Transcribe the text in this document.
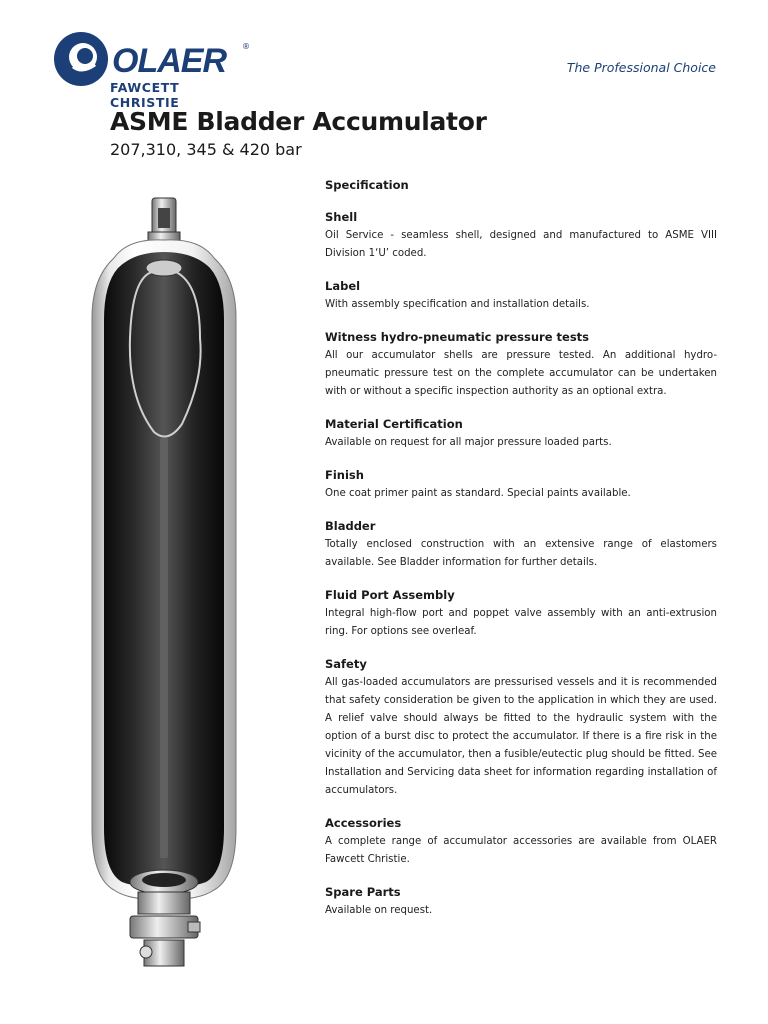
OLAER ®
FAWCETT CHRISTIE
The Professional Choice
ASME Bladder Accumulator
207,310, 345 & 420 bar
Specification
Shell

Oil Service - seamless shell, designed and manufactured to ASME VIII Division 1‘U’ coded.

Label

With assembly specification and installation details.

Witness hydro-pneumatic pressure tests

All our accumulator shells are pressure tested. An additional hydro-pneumatic pressure test on the complete accumulator can be undertaken with or without a specific inspection authority as an optional extra.

Material Certification

Available on request for all major pressure loaded parts.

Finish

One coat primer paint as standard. Special paints available.

Bladder

Totally enclosed construction with an extensive range of elastomers available. See Bladder information for further details.

Fluid Port Assembly

Integral high-flow port and poppet valve assembly with an anti-extrusion ring. For options see overleaf.

Safety

All gas-loaded accumulators are pressurised vessels and it is recommended that safety consideration be given to the application in which they are used. A relief valve should always be fitted to the hydraulic system with the option of a burst disc to protect the accumulator. If there is a fire risk in the vicinity of the accumulator, then a fusible/eutectic plug should be fitted. See Installation and Servicing data sheet for information regarding installation of accumulators.

Accessories

A complete range of accumulator accessories are available from OLAER Fawcett Christie.

Spare Parts

Available on request.
